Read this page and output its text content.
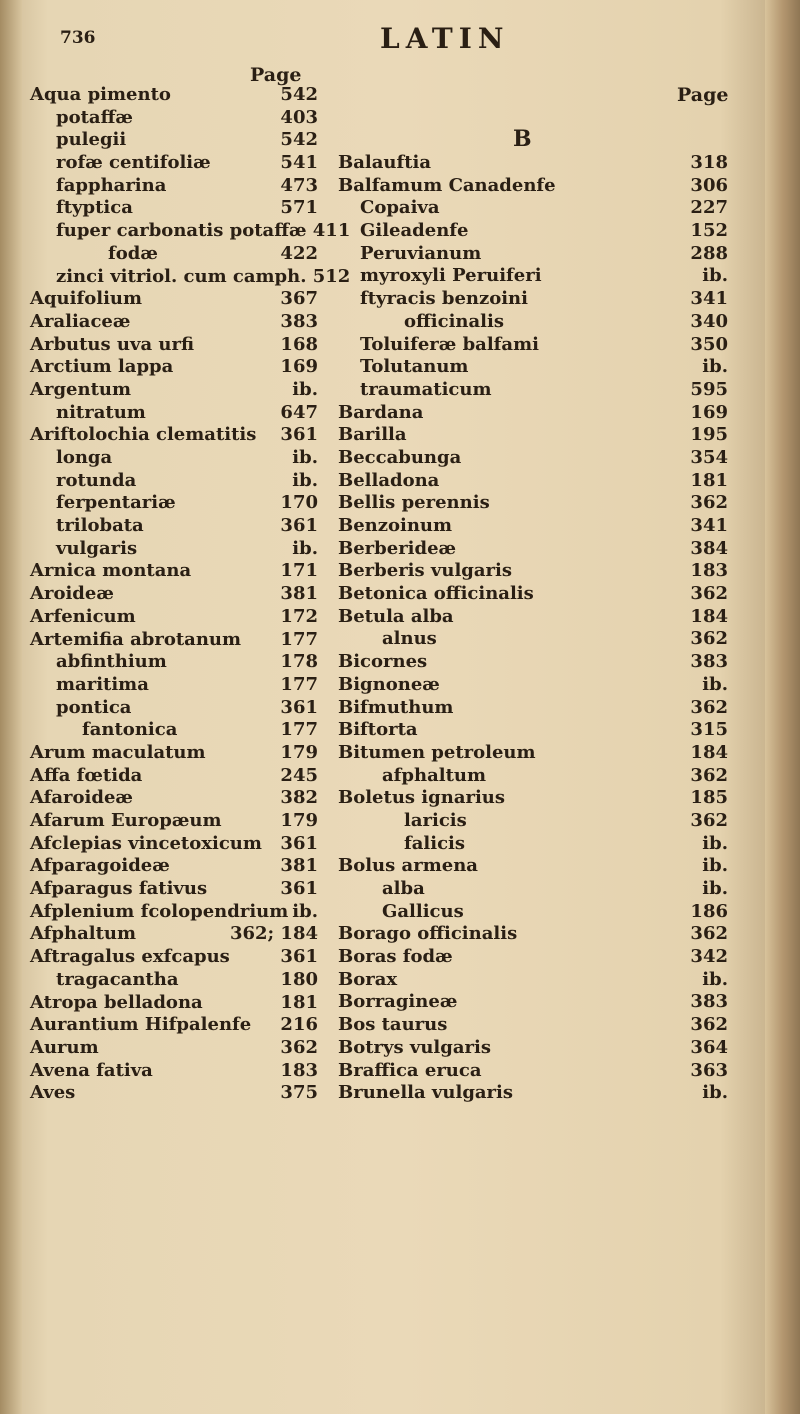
736	LATIN
Page
Page
Aqua pimento	542
potaffæ	403
pulegii	542
rofæ centifoliæ	541
fappharina	473
ftyptica	571
fuper carbonatis potaffæ 411
fodæ	422
zinci vitriol. cum camph. 512
Aquifolium	367
Araliaceæ	383
Arbutus uva urfi	168
Arctium lappa	169
Argentum	ib.
nitratum	647
Ariftolochia clematitis 361
longa	ib.
rotunda	ib.
ferpentariæ	170
trilobata	361
vulgaris	ib.
Arnica montana	171
Aroideæ	381
Arfenicum	172
Artemifia abrotanum 177
abfinthium	178
maritima	177
pontica	361
fantonica	177
Arum maculatum	179
Affa fœtida	245
Afaroideæ	382
Afarum Europæum	179
Afclepias vincetoxicum 361
Afparagoideæ	381
Afparagus fativus	361
Afplenium fcolopendrium ib.
Afphaltum	362; 184
Aftragalus exfcapus	361
tragacantha	180
Atropa belladona	181
Aurantium Hifpalenfe 216
Aurum	362
Avena fativa	183
Aves	375
B
Balauftia	318
Balfamum Canadenfe	306
Copaiva	227
Gileadenfe	152
Peruvianum	288
myroxyli Peruiferi	ib.
ftyracis benzoini	341
officinalis	340
Toluiferæ balfami	350
Tolutanum	ib.
traumaticum	595
Bardana	169
Barilla	195
Beccabunga	354
Belladona	181
Bellis perennis	362
Benzoinum	341
Berberideæ	384
Berberis vulgaris	183
Betonica officinalis	362
Betula alba	184
alnus	362
Bicornes	383
Bignoneæ	ib.
Bifmuthum	362
Biftorta	315
Bitumen petroleum	184
afphaltum	362
Boletus ignarius	185
laricis	362
falicis	ib.
Bolus armena	ib.
alba	ib.
Gallicus	186
Borago officinalis	362
Boras fodæ	342
Borax	ib.
Borragineæ	383
Bos taurus	362
Botrys vulgaris	364
Braffica eruca	363
Brunella vulgaris	ib.
